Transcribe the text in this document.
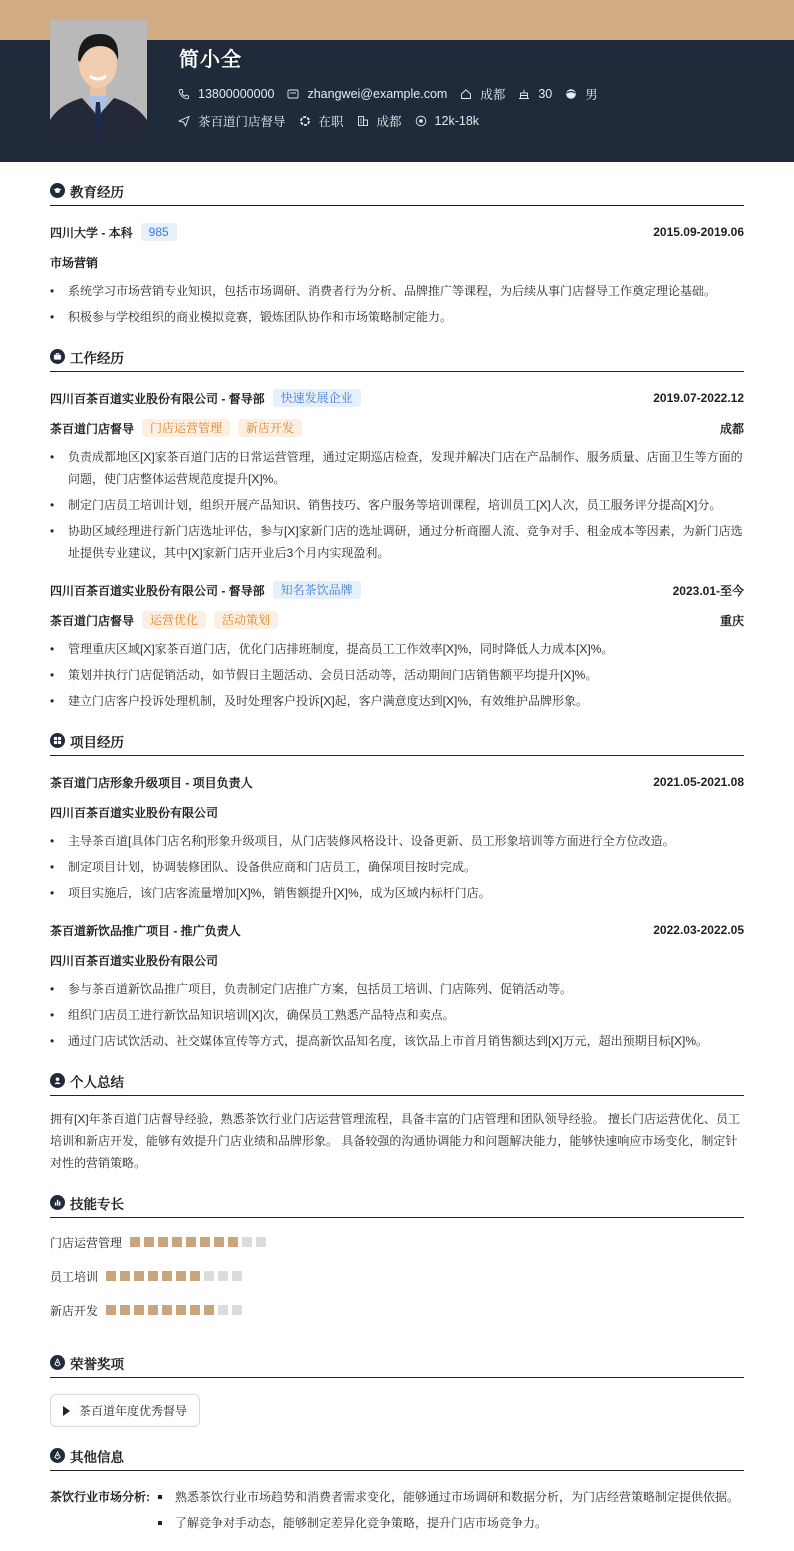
简小全
13800000000	zhangwei@example.com	成都	30	男
茶百道门店督导	在职	成都	12k-18k
教育经历
四川大学 - 本科	985	2015.09-2019.06
市场营销
• 系统学习市场营销专业知识，包括市场调研、消费者行为分析、品牌推广等课程，为后续从事门店督导工作奠定理论基础。
• 积极参与学校组织的商业模拟竞赛，锻炼团队协作和市场策略制定能力。
工作经历
四川百茶百道实业股份有限公司 - 督导部	快速发展企业	2019.07-2022.12
茶百道门店督导	门店运营管理	新店开发	成都
• 负责成都地区[X]家茶百道门店的日常运营管理，通过定期巡店检查，发现并解决门店在产品制作、服务质量、店面卫生等方面的问题，使门店整体运营规范度提升[X]%。
• 制定门店员工培训计划，组织开展产品知识、销售技巧、客户服务等培训课程，培训员工[X]人次，员工服务评分提高[X]分。
• 协助区域经理进行新门店选址评估，参与[X]家新门店的选址调研，通过分析商圈人流、竞争对手、租金成本等因素，为新门店选址提供专业建议，其中[X]家新门店开业后3个月内实现盈利。
四川百茶百道实业股份有限公司 - 督导部	知名茶饮品牌	2023.01-至今
茶百道门店督导	运营优化	活动策划	重庆
• 管理重庆区域[X]家茶百道门店，优化门店排班制度，提高员工工作效率[X]%，同时降低人力成本[X]%。
• 策划并执行门店促销活动，如节假日主题活动、会员日活动等，活动期间门店销售额平均提升[X]%。
• 建立门店客户投诉处理机制，及时处理客户投诉[X]起，客户满意度达到[X]%，有效维护品牌形象。
项目经历
茶百道门店形象升级项目 - 项目负责人	2021.05-2021.08
四川百茶百道实业股份有限公司
• 主导茶百道[具体门店名称]形象升级项目，从门店装修风格设计、设备更新、员工形象培训等方面进行全方位改造。
• 制定项目计划，协调装修团队、设备供应商和门店员工，确保项目按时完成。
• 项目实施后，该门店客流量增加[X]%，销售额提升[X]%，成为区域内标杆门店。
茶百道新饮品推广项目 - 推广负责人	2022.03-2022.05
四川百茶百道实业股份有限公司
• 参与茶百道新饮品推广项目，负责制定门店推广方案，包括员工培训、门店陈列、促销活动等。
• 组织门店员工进行新饮品知识培训[X]次，确保员工熟悉产品特点和卖点。
• 通过门店试饮活动、社交媒体宣传等方式，提高新饮品知名度，该饮品上市首月销售额达到[X]万元，超出预期目标[X]%。
个人总结

拥有[X]年茶百道门店督导经验，熟悉茶饮行业门店运营管理流程，具备丰富的门店管理和团队领导经验。 擅长门店运营优化、员工培训和新店开发，能够有效提升门店业绩和品牌形象。 具备较强的沟通协调能力和问题解决能力，能够快速响应市场变化，制定针对性的营销策略。

技能专长
门店运营管理
员工培训
新店开发
荣誉奖项
茶百道年度优秀督导
其他信息
茶饮行业市场分析:	熟悉茶饮行业市场趋势和消费者需求变化，能够通过市场调研和数据分析，为门店经营策略制定提供依据。
了解竞争对手动态，能够制定差异化竞争策略，提升门店市场竞争力。
